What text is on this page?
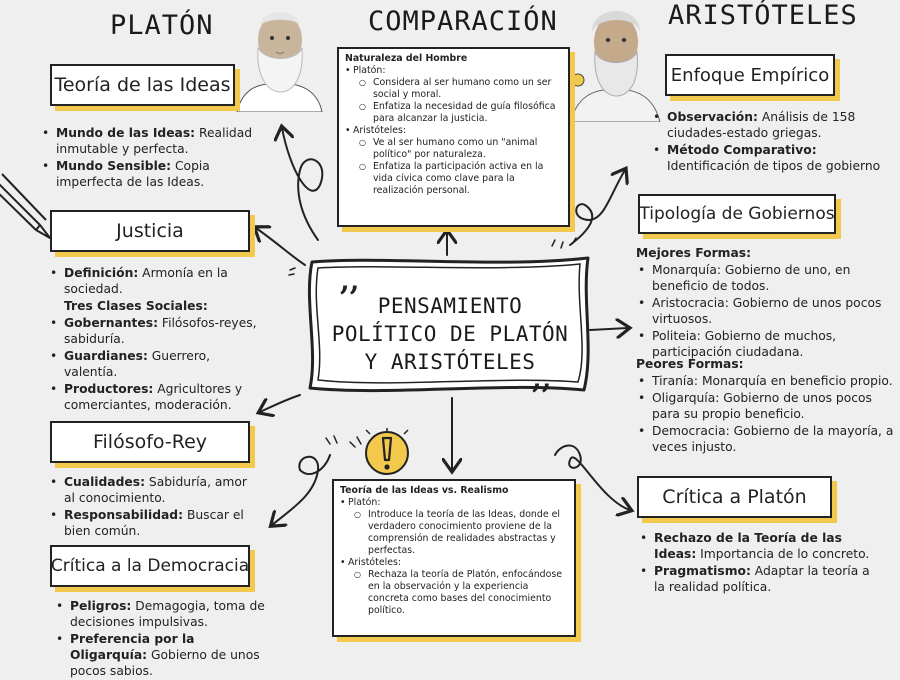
PLATÓN	COMPARACIÓN	ARISTÓTELES
Teoría de las Ideas
• Mundo de las Ideas: Realidad inmutable y perfecta.
• Mundo Sensible: Copia imperfecta de las Ideas.
Justicia
• Definición: Armonía en la sociedad.
Tres Clases Sociales:
• Gobernantes: Filósofos-reyes, sabiduría.
• Guardianes: Guerrero, valentía.
• Productores: Agricultores y comerciantes, moderación.
Filósofo-Rey
• Cualidades: Sabiduría, amor al conocimiento.
• Responsabilidad: Buscar el bien común.
Crítica a la Democracia
• Peligros: Demagogia, toma de decisiones impulsivas.
• Preferencia por la Oligarquía: Gobierno de unos pocos sabios.
Naturaleza del Hombre
• Platón:
○ Considera al ser humano como un ser social y moral.
○ Enfatiza la necesidad de guía filosófica para alcanzar la justicia.
• Aristóteles:
○ Ve al ser humano como un "animal político" por naturaleza.
○ Enfatiza la participación activa en la vida cívica como clave para la realización personal.
,,
,,
PENSAMIENTO
POLÍTICO DE PLATÓN
Y ARISTÓTELES
Teoría de las Ideas vs. Realismo
• Platón:
○ Introduce la teoría de las Ideas, donde el verdadero conocimiento proviene de la comprensión de realidades abstractas y perfectas.
• Aristóteles:
○ Rechaza la teoría de Platón, enfocándose en la observación y la experiencia concreta como bases del conocimiento político.
Enfoque Empírico
• Observación: Análisis de 158 ciudades-estado griegas.
• Método Comparativo: Identificación de tipos de gobierno
Tipología de Gobiernos
Mejores Formas:
• Monarquía: Gobierno de uno, en beneficio de todos.
• Aristocracia: Gobierno de unos pocos virtuosos.
• Politeia: Gobierno de muchos, participación ciudadana.
Peores Formas:
• Tiranía: Monarquía en beneficio propio.
• Oligarquía: Gobierno de unos pocos para su propio beneficio.
• Democracia: Gobierno de la mayoría, a veces injusto.
Crítica a Platón
• Rechazo de la Teoría de las Ideas: Importancia de lo concreto.
• Pragmatismo: Adaptar la teoría a la realidad política.
